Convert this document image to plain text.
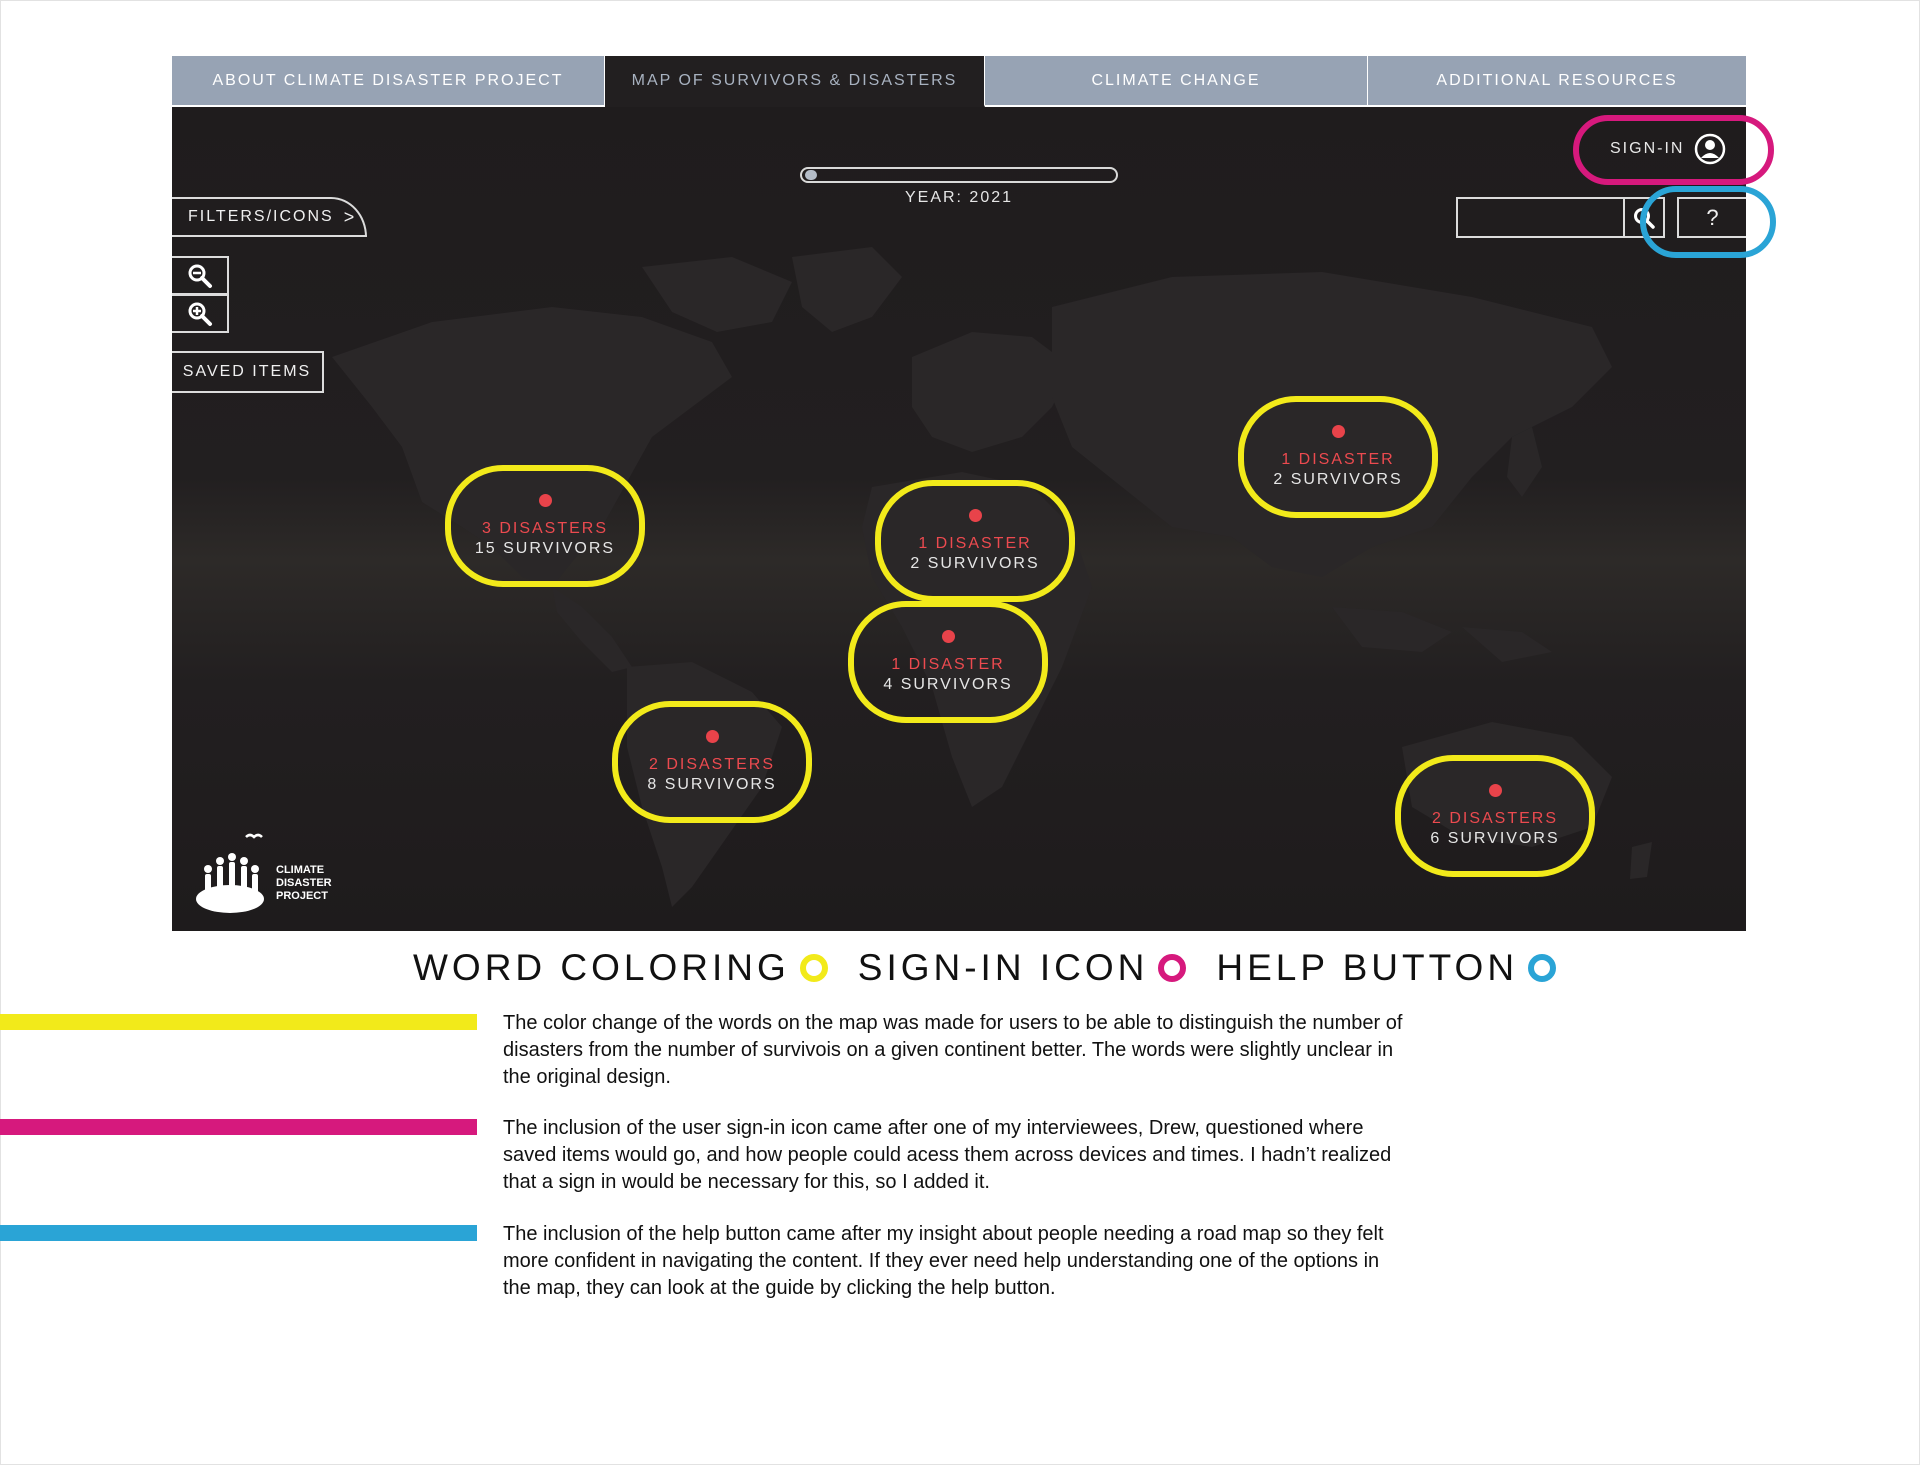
ABOUT CLIMATE DISASTER PROJECT	MAP OF SURVIVORS & DISASTERS	CLIMATE CHANGE	ADDITIONAL RESOURCES
YEAR: 2021
FILTERS/ICONS >
SAVED ITEMS
SIGN-IN
?
3 DISASTERS
15 SURVIVORS	1 DISASTER
2 SURVIVORS
1 DISASTER
4 SURVIVORS
2 DISASTERS
8 SURVIVORS
1 DISASTER
2 SURVIVORS
2 DISASTERS
6 SURVIVORS
CLIMATE
DISASTER
PROJECT
WORD COLORING SIGN-IN ICON HELP BUTTON
The color change of the words on the map was made for users to be able to distinguish the number of disasters from the number of survivois on a given continent better. The words were slightly unclear in the original design.
The inclusion of the user sign-in icon came after one of my interviewees, Drew, questioned where saved items would go, and how people could acess them across devices and times. I hadn’t realized that a sign in would be necessary for this, so I added it.
The inclusion of the help button came after my insight about people needing a road map so they felt more confident in navigating the content. If they ever need help understanding one of the options in the map, they can look at the guide by clicking the help button.
